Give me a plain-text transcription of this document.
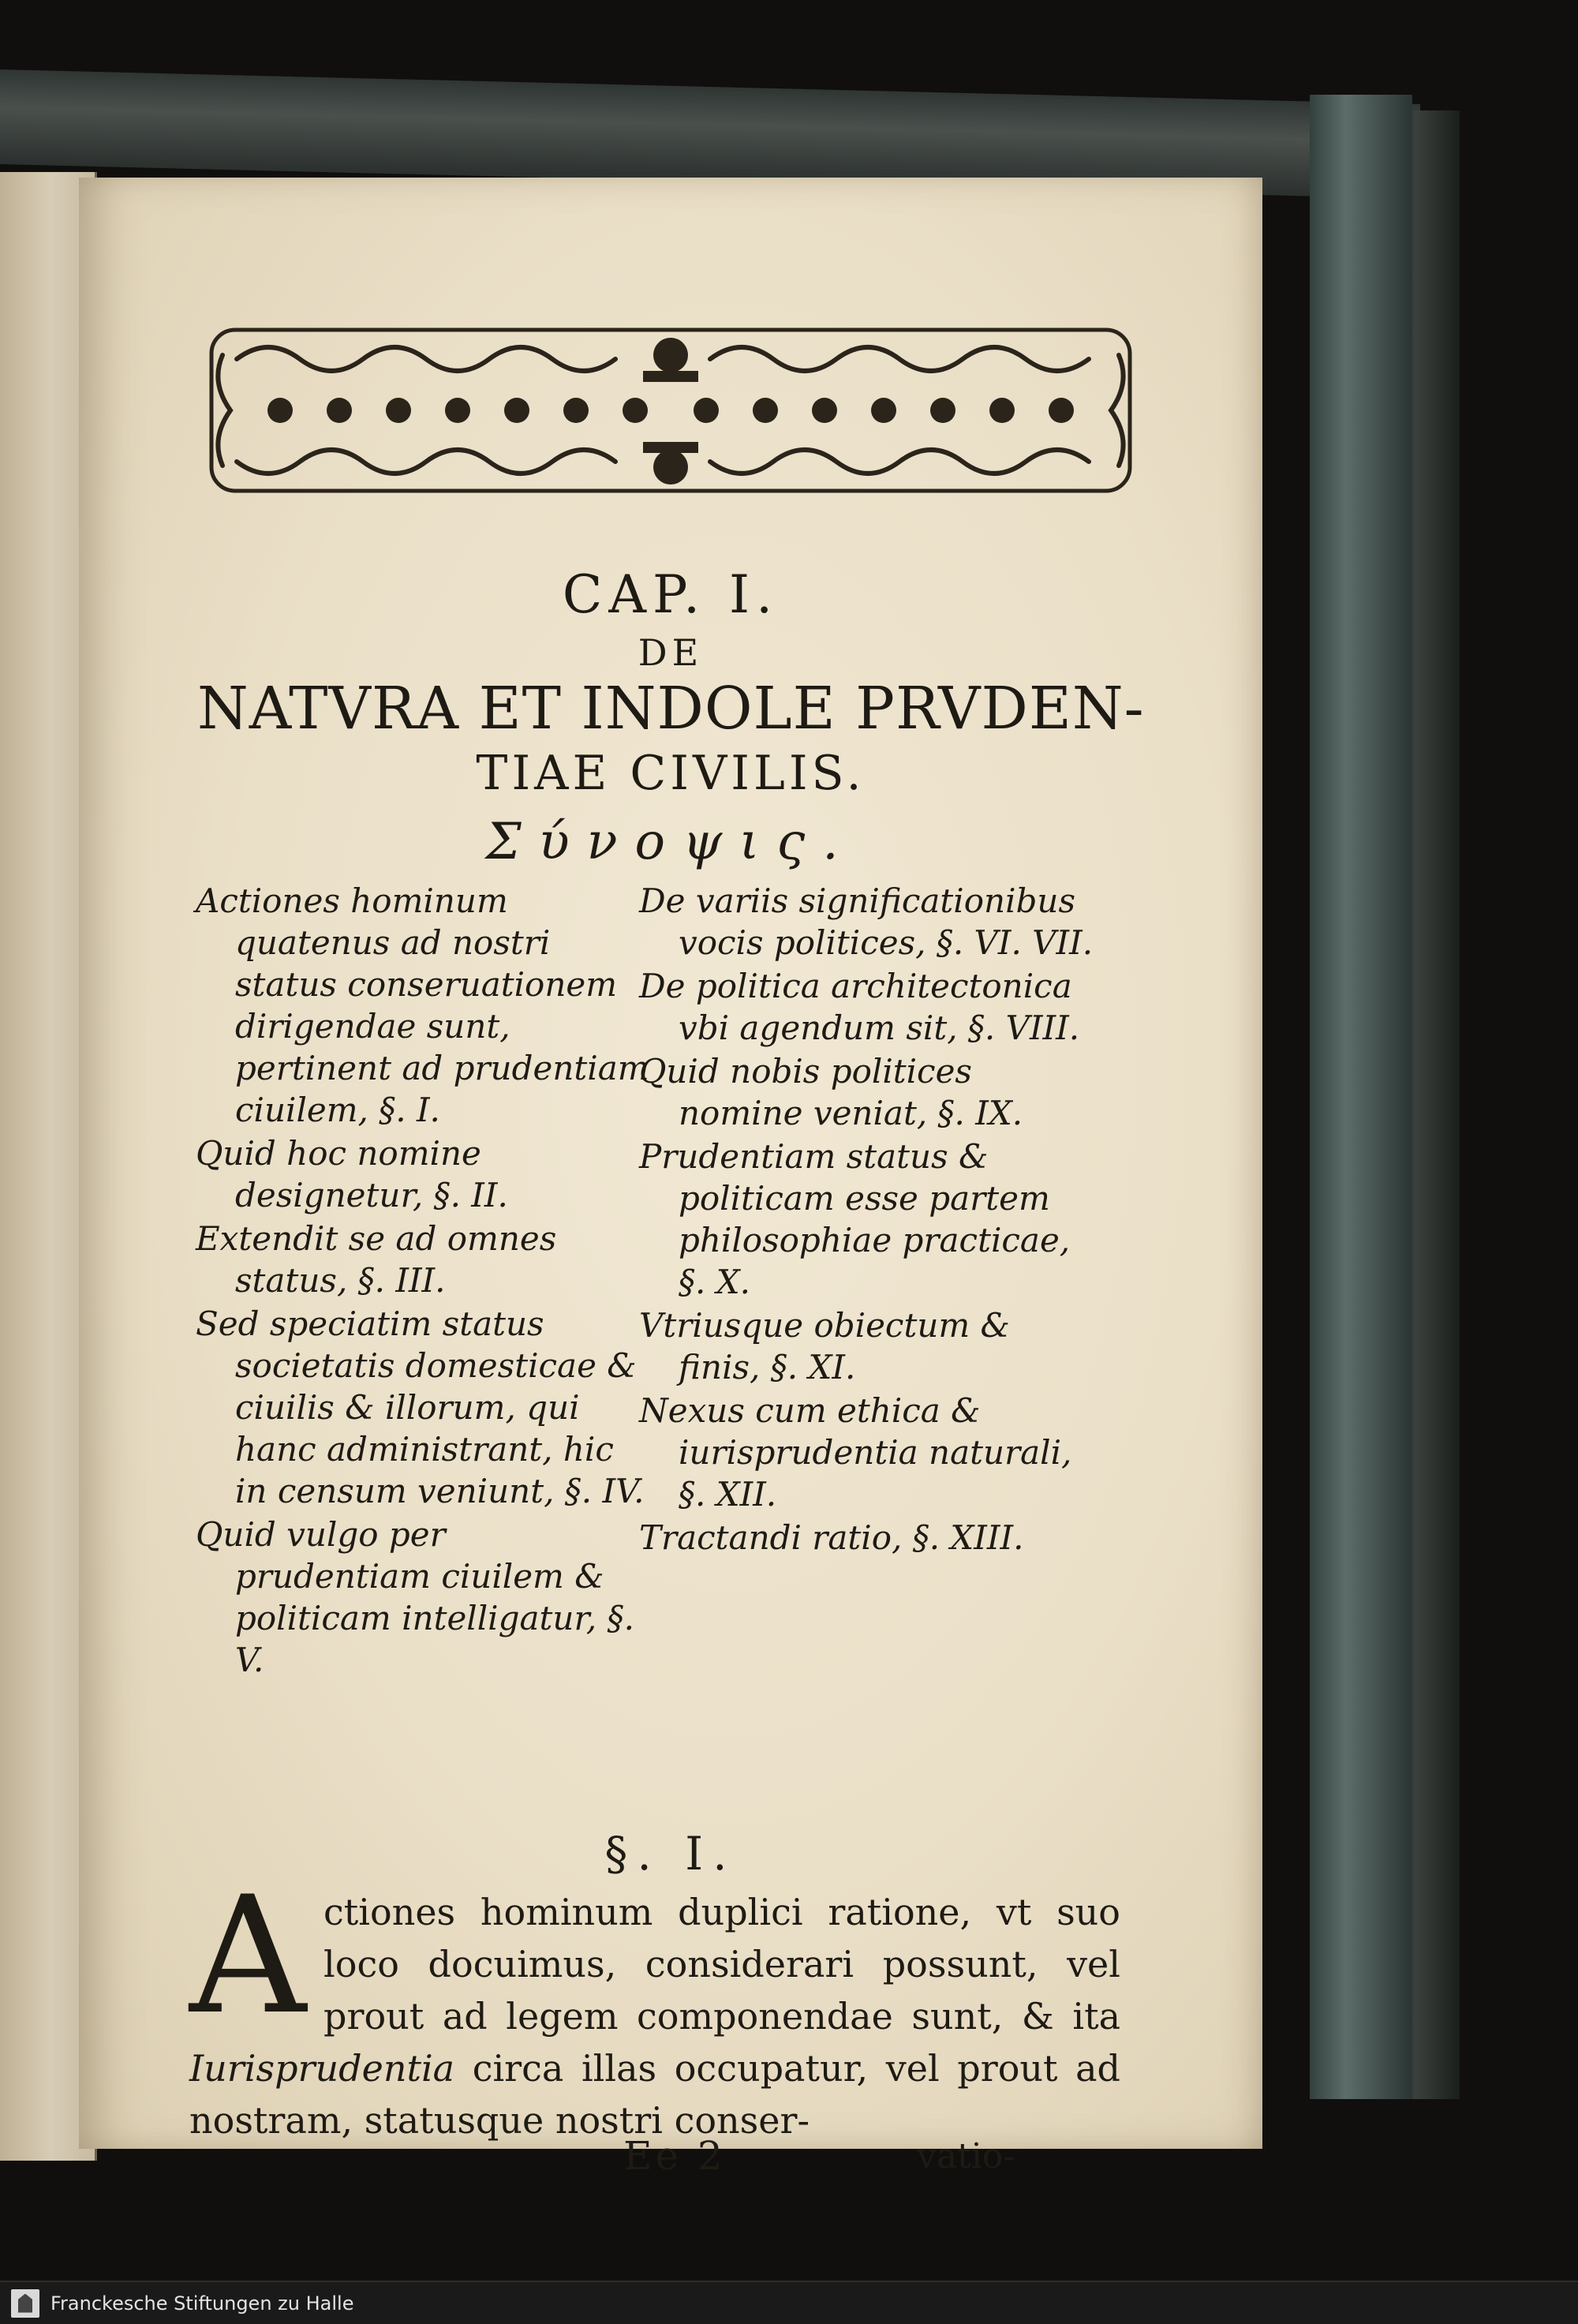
CAP. I.
DE
NATVRA ET INDOLE PRVDEN-
TIAE CIVILIS.
Σύνοψις.

Actiones hominum quatenus ad nostri status conseruationem dirigendae sunt, pertinent ad prudentiam ciuilem, §. I.

Quid hoc nomine designetur, §. II.

Extendit se ad omnes status, §. III.

Sed speciatim status societatis domesticae & ciuilis & illorum, qui hanc administrant, hic in censum veniunt, §. IV.

Quid vulgo per prudentiam ciuilem & politicam intelligatur, §. V.

De variis significationibus vocis politices, §. VI. VII.

De politica architectonica vbi agendum sit, §. VIII.

Quid nobis politices nomine veniat, §. IX.

Prudentiam status & politicam esse partem philosophiae practicae, §. X.

Vtriusque obiectum & finis, §. XI.

Nexus cum ethica & iurisprudentia naturali, §. XII.

Tractandi ratio, §. XIII.

§. I.
Actiones hominum duplici ratione, vt suo loco docuimus, considerari possunt, vel prout ad legem componendae sunt, & ita Iurisprudentia circa illas occupatur, vel prout ad nostram, statusque nostri conser-
Ee 2	vatio-
Franckesche Stiftungen zu Halle
